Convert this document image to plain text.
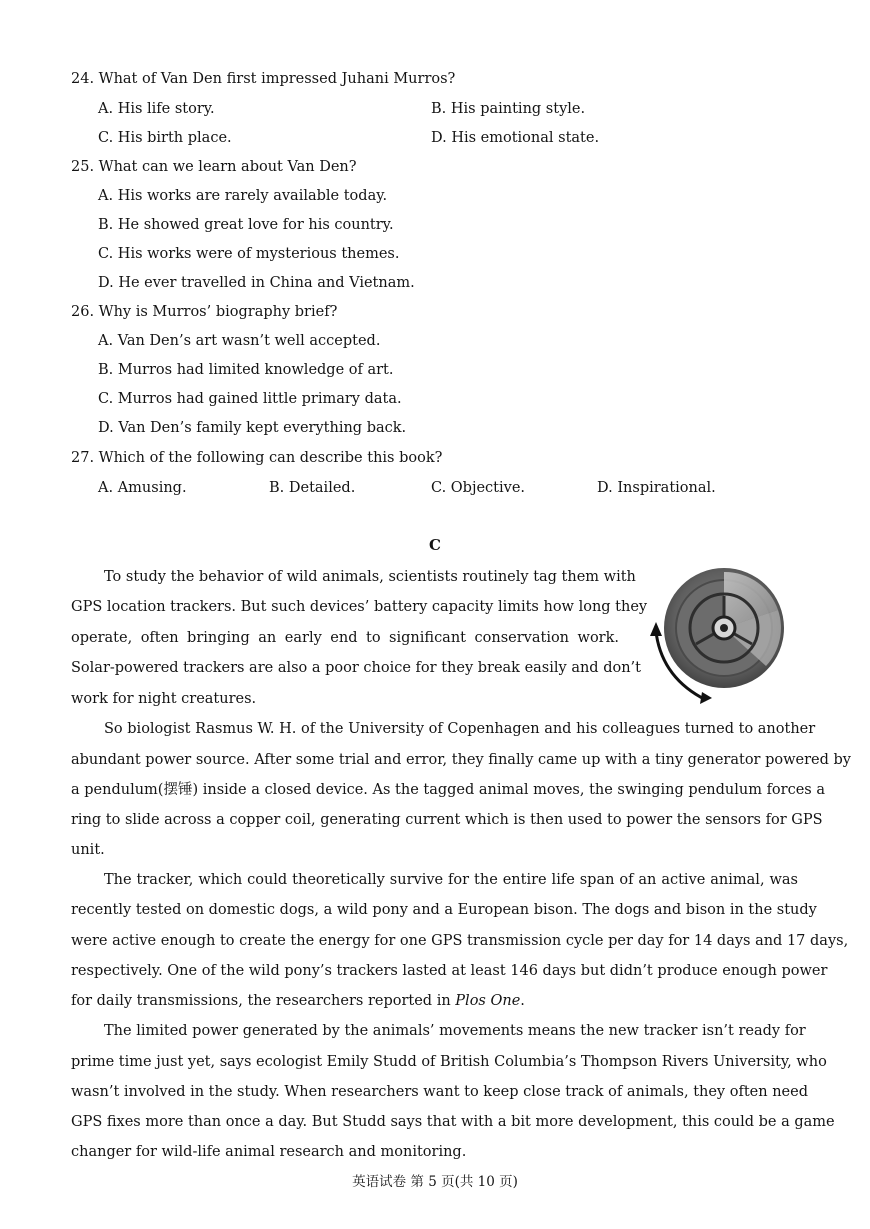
24. What of Van Den first impressed Juhani Murros?
A. His life story.	B. His painting style.
C. His birth place.	D. His emotional state.
25. What can we learn about Van Den?
A. His works are rarely available today.
B. He showed great love for his country.
C. His works were of mysterious themes.
D. He ever travelled in China and Vietnam.
26. Why is Murros’ biography brief?
A. Van Den’s art wasn’t well accepted.
B. Murros had limited knowledge of art.
C. Murros had gained little primary data.
D. Van Den’s family kept everything back.
27. Which of the following can describe this book?
A. Amusing.	B. Detailed.	C. Objective.	D. Inspirational.
C
To study the behavior of wild animals, scientists routinely tag them with
GPS location trackers. But such devices’ battery capacity limits how long they
operate, often bringing an early end to significant conservation work.
Solar-powered trackers are also a poor choice for they break easily and don’t
work for night creatures.
So biologist Rasmus W. H. of the University of Copenhagen and his colleagues turned to another
abundant power source. After some trial and error, they finally came up with a tiny generator powered by
a pendulum(摆锤) inside a closed device. As the tagged animal moves, the swinging pendulum forces a
ring to slide across a copper coil, generating current which is then used to power the sensors for GPS
unit.
The tracker, which could theoretically survive for the entire life span of an active animal, was
recently tested on domestic dogs, a wild pony and a European bison. The dogs and bison in the study
were active enough to create the energy for one GPS transmission cycle per day for 14 days and 17 days,
respectively. One of the wild pony’s trackers lasted at least 146 days but didn’t produce enough power
for daily transmissions, the researchers reported in Plos One.
The limited power generated by the animals’ movements means the new tracker isn’t ready for
prime time just yet, says ecologist Emily Studd of British Columbia’s Thompson Rivers University, who
wasn’t involved in the study. When researchers want to keep close track of animals, they often need
GPS fixes more than once a day. But Studd says that with a bit more development, this could be a game
changer for wild-life animal research and monitoring.
英语试卷 第 5 页(共 10 页)
